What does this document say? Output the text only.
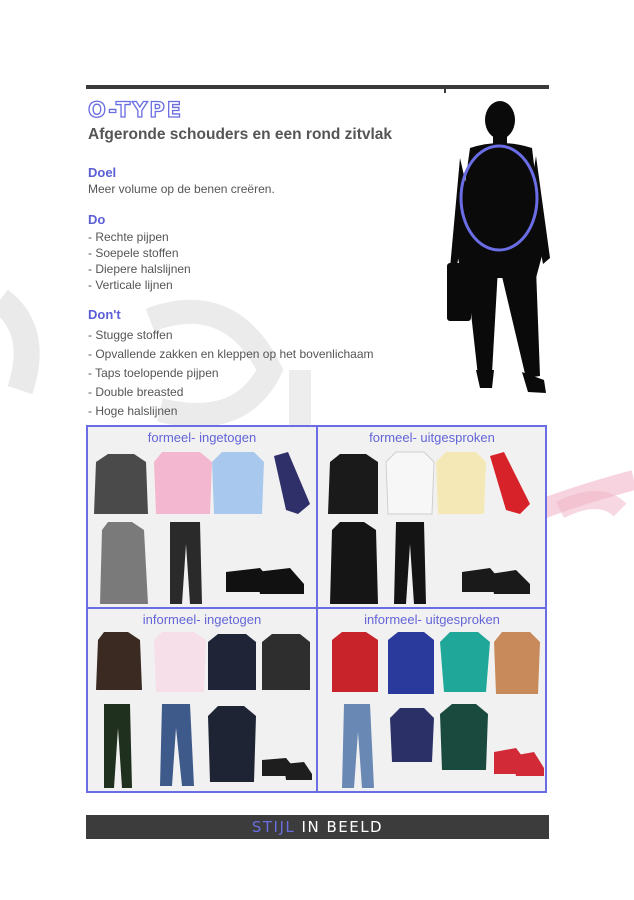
O-TYPE
Afgeronde schouders en een rond zitvlak
Doel
Meer volume op de benen creëren.
Do
- Rechte pijpen
- Soepele stoffen
- Diepere halslijnen
- Verticale lijnen
Don't
- Stugge stoffen
- Opvallende zakken en kleppen op het bovenlichaam
- Taps toelopende pijpen
- Double breasted
- Hoge halslijnen
formeel- ingetogen	formeel- uitgesproken
informeel- ingetogen	informeel- uitgesproken
STIJL IN BEELD
